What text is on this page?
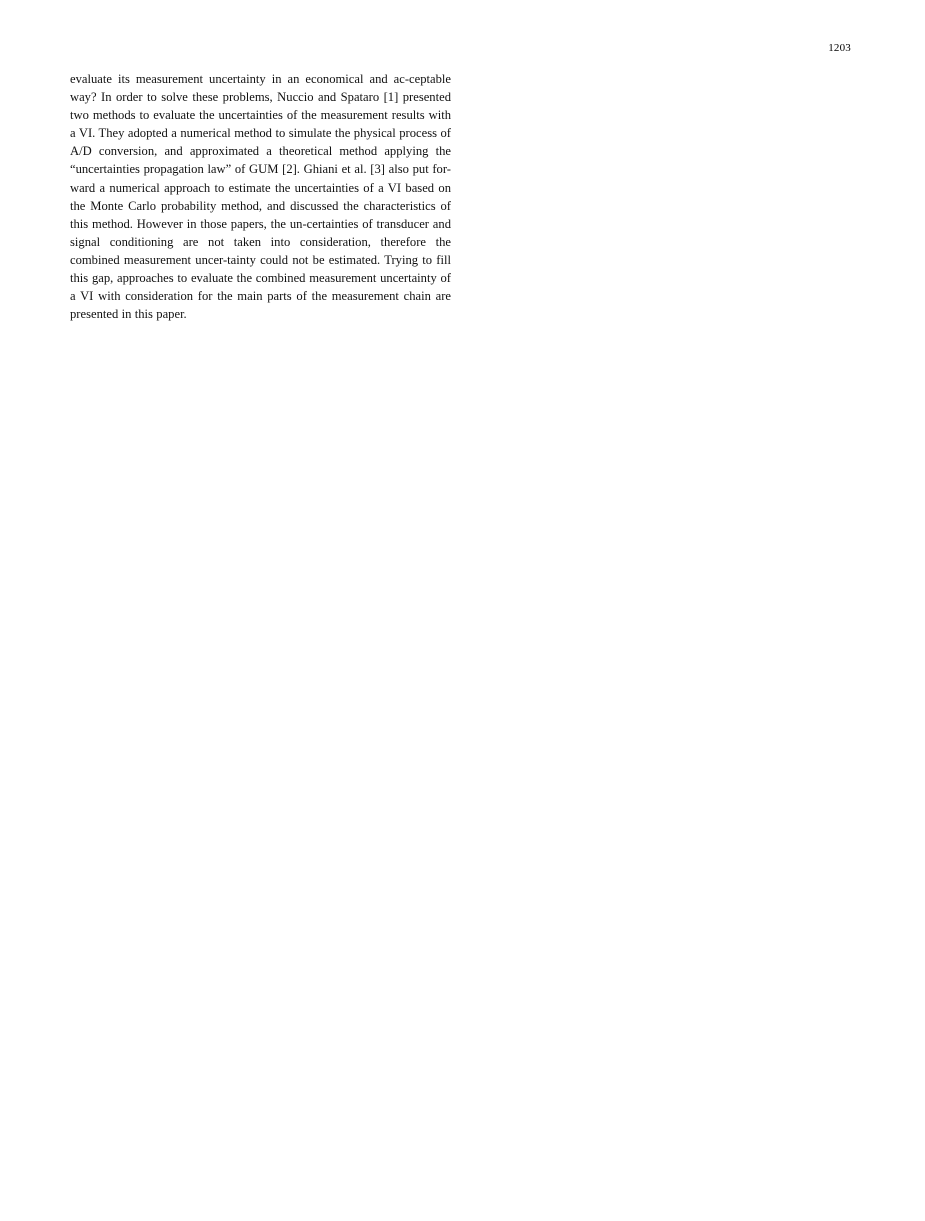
1203

evaluate its measurement uncertainty in an economical and ac-ceptable way? In order to solve these problems, Nuccio and Spataro [1] presented two methods to evaluate the uncertainties of the measurement results with a VI. They adopted a numerical method to simulate the physical process of A/D conversion, and approximated a theoretical method applying the “uncertainties propagation law” of GUM [2]. Ghiani et al. [3] also put for-ward a numerical approach to estimate the uncertainties of a VI based on the Monte Carlo probability method, and discussed the characteristics of this method. However in those papers, the un-certainties of transducer and signal conditioning are not taken into consideration, therefore the combined measurement uncer-tainty could not be estimated. Trying to fill this gap, approaches to evaluate the combined measurement uncertainty of a VI with consideration for the main parts of the measurement chain are presented in this paper.
